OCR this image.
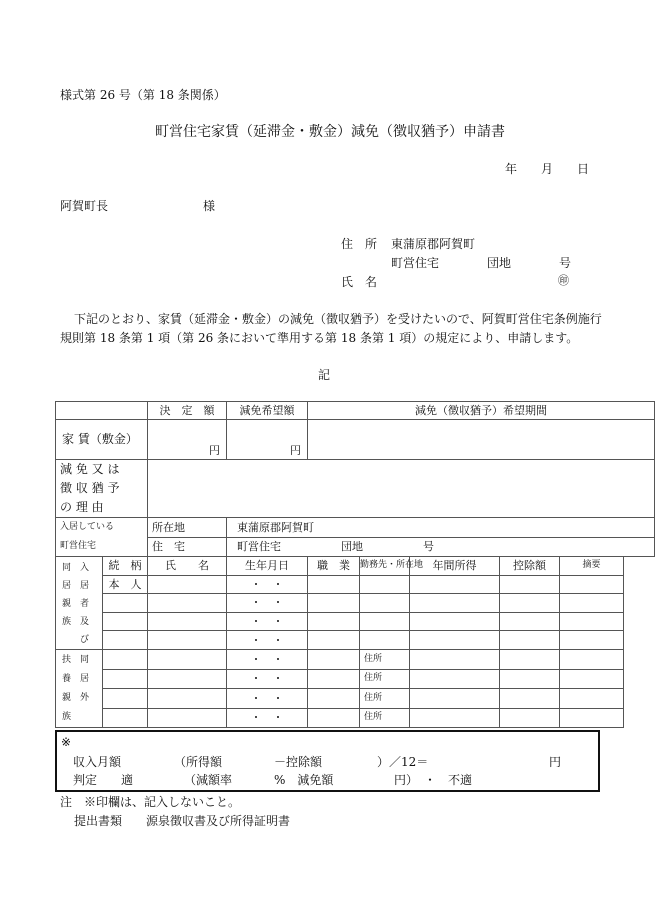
様式第 26 号（第 18 条関係）
町営住宅家賃（延滞金・敷金）減免（徴収猶予）申請書
年 月 日
阿賀町長	様
住　所 東蒲原郡阿賀町
町営住宅	団地	号
氏　名	㊞
下記のとおり、家賃（延滞金・敷金）の減免（徴収猶予）を受けたいので、阿賀町営住宅条例施行
規則第 18 条第 1 項（第 26 条において準用する第 18 条第 1 項）の規定により、申請します。
記
		決　定　額	減免希望額	減免（徴収猶予）希望期間				
家 賃（敷金）		円	円					

減 免 又 は
徴 収 猶 予
の 理 由								

入居している
町営住宅		所在地	東蒲原郡阿賀町					
		住　宅	町営住宅 団地 号					

同　入
居　居
親　者
族　及
び	続　柄	氏　　名	生年月日	職　業	勤務先・所在地	年間所得	控除額	摘要
	本　人		・　・					
			・　・					
			・　・					
			・　・					

扶　同
養　居
親　外
族			・　・		住所			
			・　・		住所			
			・　・		住所			
			・　・		住所			
※
収入月額	（所得額	－控除額	）／12＝	円
判定　　適	（減額率	%　減免額	円）　・　不適
注　※印欄は、記入しないこと。
提出書類　　源泉徴収書及び所得証明書
